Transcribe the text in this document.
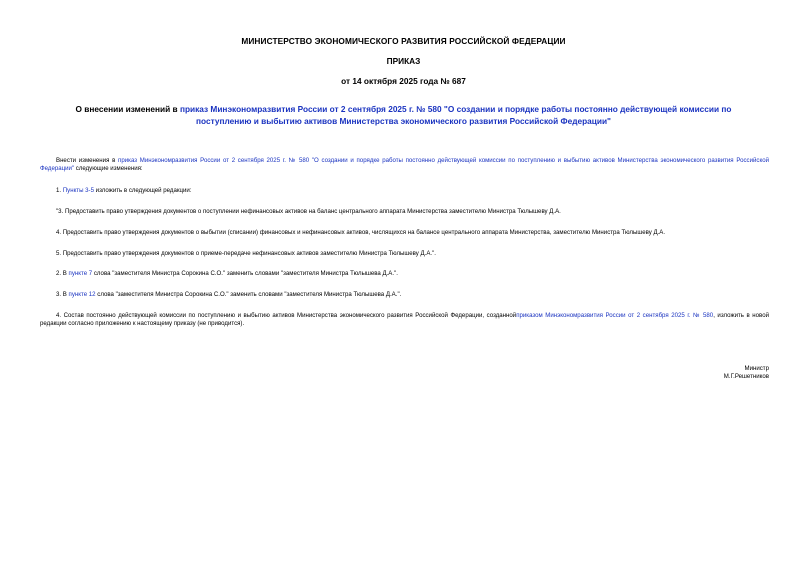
МИНИСТЕРСТВО ЭКОНОМИЧЕСКОГО РАЗВИТИЯ РОССИЙСКОЙ ФЕДЕРАЦИИ
ПРИКАЗ
от 14 октября 2025 года № 687
О внесении изменений в приказ Минэкономразвития России от 2 сентября 2025 г. № 580 "О создании и порядке работы постоянно действующей комиссии по поступлению и выбытию активов Министерства экономического развития Российской Федерации"
Внести изменения в приказ Минэкономразвития России от 2 сентября 2025 г. № 580 "О создании и порядке работы постоянно действующей комиссии по поступлению и выбытию активов Министерства экономического развития Российской Федерации" следующие изменения:
1. Пункты 3-5 изложить в следующей редакции:
"3. Предоставить право утверждения документов о поступлении нефинансовых активов на баланс центрального аппарата Министерства заместителю Министра Тюлышеву Д.А.
4. Предоставить право утверждения документов о выбытии (списании) финансовых и нефинансовых активов, числящихся на балансе центрального аппарата Министерства, заместителю Министра Тюлышеву Д.А.
5. Предоставить право утверждения документов о приеме-передаче нефинансовых активов заместителю Министра Тюлышеву Д.А.".
2. В пункте 7 слова "заместителя Министра Сорокина С.О." заменить словами "заместителя Министра Тюлышева Д.А.".
3. В пункте 12 слова "заместителя Министра Сорокина С.О." заменить словами "заместителя Министра Тюлышева Д.А.".
4. Состав постоянно действующей комиссии по поступлению и выбытию активов Министерства экономического развития Российской Федерации, созданнойприказом Минэкономразвития России от 2 сентября 2025 г. № 580, изложить в новой редакции согласно приложению к настоящему приказу (не приводится).
Министр
М.Г.Решетников
